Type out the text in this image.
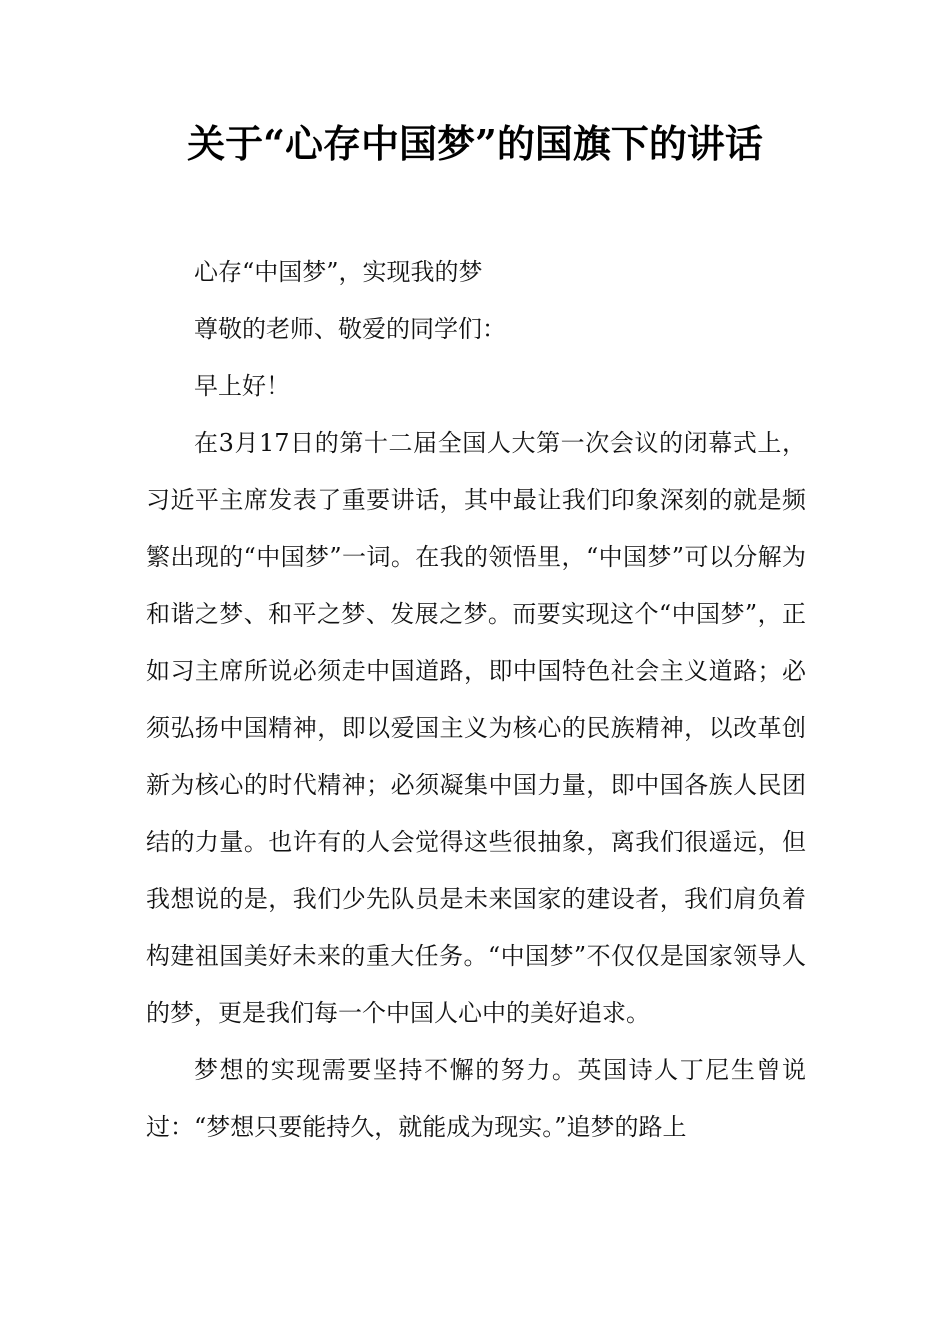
关于“心存中国梦”的国旗下的讲话

心存“中国梦”，实现我的梦

尊敬的老师、敬爱的同学们：

早上好！

在3月17日的第十二届全国人大第一次会议的闭幕式上，习近平主席发表了重要讲话，其中最让我们印象深刻的就是频繁出现的“中国梦”一词。在我的领悟里，“中国梦”可以分解为和谐之梦、和平之梦、发展之梦。而要实现这个“中国梦”，正如习主席所说必须走中国道路，即中国特色社会主义道路；必须弘扬中国精神，即以爱国主义为核心的民族精神，以改革创新为核心的时代精神；必须凝集中国力量，即中国各族人民团结的力量。也许有的人会觉得这些很抽象，离我们很遥远，但我想说的是，我们少先队员是未来国家的建设者，我们肩负着构建祖国美好未来的重大任务。“中国梦”不仅仅是国家领导人的梦，更是我们每一个中国人心中的美好追求。

梦想的实现需要坚持不懈的努力。英国诗人丁尼生曾说过：“梦想只要能持久，就能成为现实。”追梦的路上
